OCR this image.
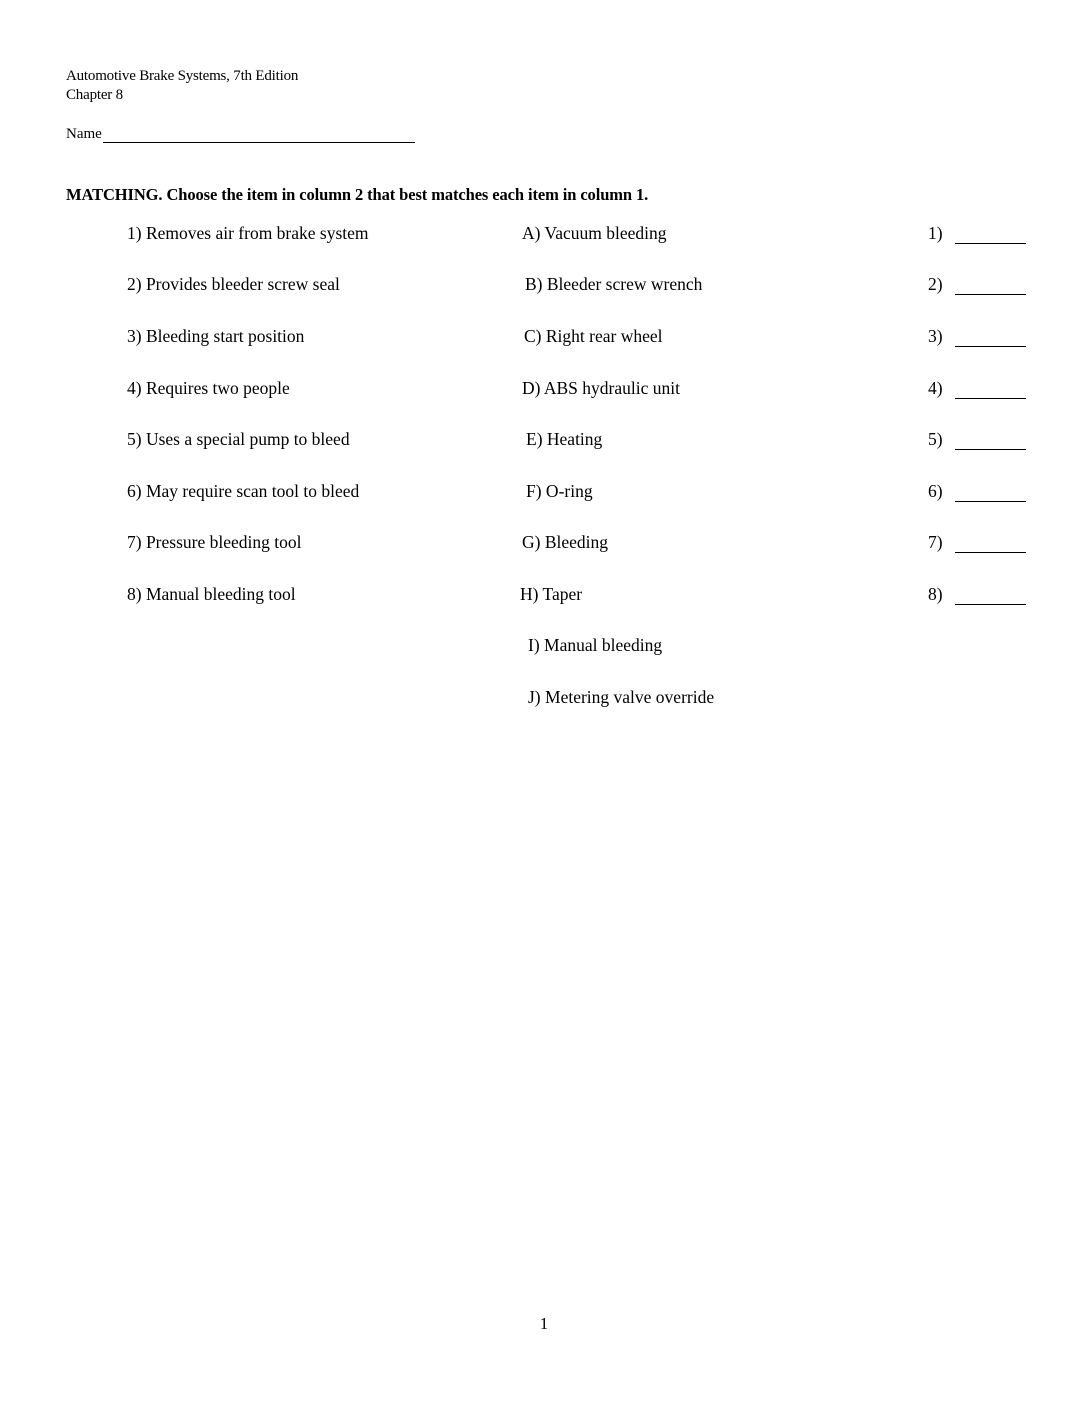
Automotive Brake Systems, 7th Edition
Chapter 8
Name
MATCHING. Choose the item in column 2 that best matches each item in column 1.
1) Removes air from brake system	A) Vacuum bleeding	1)
2) Provides bleeder screw seal	B) Bleeder screw wrench	2)
3) Bleeding start position	C) Right rear wheel	3)
4) Requires two people	D) ABS hydraulic unit	4)
5) Uses a special pump to bleed	E) Heating	5)
6) May require scan tool to bleed	F) O-ring	6)
7) Pressure bleeding tool	G) Bleeding	7)
8) Manual bleeding tool	H) Taper	8)
I) Manual bleeding
J) Metering valve override
1
